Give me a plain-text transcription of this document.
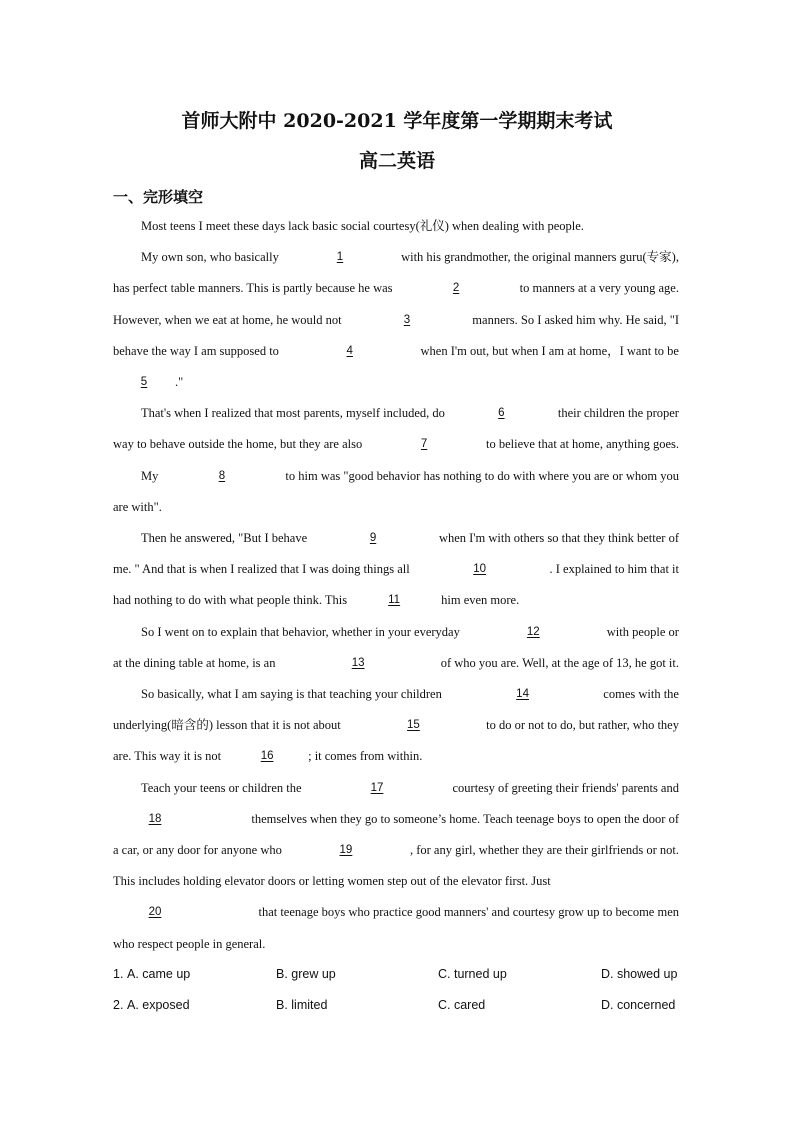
首师大附中 2020-2021 学年度第一学期期末考试
高二英语
一、完形填空
Most teens I meet these days lack basic social courtesy(礼仪) when dealing with people.
My own son, who basically	1	with his grandmother, the original manners guru(专家),
has perfect table manners. This is partly because he was	2	to manners at a very young age.
However, when we eat at home, he would not	3	manners. So I asked him why. He said, "I
behave the way I am supposed to	4	when I'm out, but when I am at home，I want to be
5	."
That's when I realized that most parents, myself included, do	6	their children the proper
way to behave outside the home, but they are also	7	to believe that at home, anything goes.
My	8	to him was "good behavior has nothing to do with where you are or whom you
are with".
Then he answered, "But I behave	9	when I'm with others so that they think better of
me. " And that is when I realized that I was doing things all	10	. I explained to him that it
had nothing to do with what people think. This	11	him even more.
So I went on to explain that behavior, whether in your everyday	12	with people or
at the dining table at home, is an	13	of who you are. Well, at the age of 13, he got it.
So basically, what I am saying is that teaching your children	14	comes with the
underlying(暗含的) lesson that it is not about	15	to do or not to do, but rather, who they
are. This way it is not	16	; it comes from within.
Teach your teens or children the	17	courtesy of greeting their friends' parents and
18	themselves when they go to someone’s home. Teach teenage boys to open the door of
a car, or any door for anyone who	19	, for any girl, whether they are their girlfriends or not.
This includes holding elevator doors or letting women step out of the elevator first. Just
20	that teenage boys who practice good manners' and courtesy grow up to become men
who respect people in general.
1. A. came up	B. grew up	C. turned up	D. showed up
2. A. exposed	B. limited	C. cared	D. concerned
